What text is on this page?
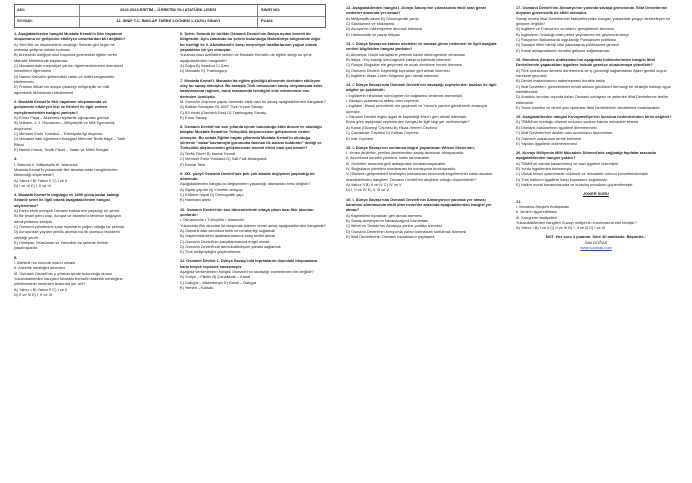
ADI:
SOYADI:
2022-2023 EĞİTİM – ÖĞRETİM YILI ATATÜRK LİSESİ
12. SINIF T.C. İNKILAP TARİHİ 1.DÖNEM 1.YAZILI SINAVI
SINIFI NO:
PUAN:
1. Aşağıdakilerden hangisi Mustafa Kemal'in fikir hayatının oluşumunu ve gelişimini etkileyen unsurlardan biri değildir?
A) Yeni fikir ve düşüncelerle oluştuğu Selanik gibi özgür bir ortamda yetişme imkânı bulması
B) Annesinin isteğiyle okul hayatına geleneksel eğitim veren Mahalle Mektebinde başlaması
C) Manastır'daki meşrutiyet yanlısı öğretmenlerinden memleket meseleleri öğrenmesi
D) Namık Kemal'in şiirlerindeki vatan ve millet sevgisinden etkilenmesi
E) Fransız İhtilali'nin ortaya çıkardığı milliyetçilik ve milli egemenlik fikirlerinden etkilenmesi
2. Mustafa Kemal'in fikir hayatının oluşmasında ve gelişiminin etkileyen kişi ve fikirleri ile ilgili verilen eşleştirmelerden hangisi yanlıştır?
A) Enver Paşa – Askerlerin siyasetle uğraşması görüşü
B) Voltaire, J. J. Rousseau – Milliyetçilik ve Milli Egemenlik düşüncesi
C) Mehmet Emin Yurdakul – Edebiyata ilgi duyması
D) Manastır'daki öğretmeni Kolağası Mehmet Tevfik Bilge – Tarih Bilinci
E) Namık Kemal, Tevfik Fikret – Vatan ve Millet Sevgisi
3.
I. Batıcılık II. Milliyetçilik III. İslamcılık
Mustafa Kemal'in yukarıdaki fikir akımlarından hangilerinden etkilendiği söylenebilir?
A) Yalnız I B) Yalnız II C) I ve II
D) I ve III E) I, II ve III
4. Mustafa Kemal'in doğduğu ve 1896 yılına kadar kaldığı Selanik şehri ile ilgili olarak aşağıdakilerden hangisi söylenemez?
A) Farklı etnik menşeli Osmanlı halklarının yaşadığı bir yerdir.
B) Bir liman şehri olup, Avrupa ve İstanbul'a birbirine bağlayan demiryollarına sahiptir.
C) Osmanlı yönetimine karşı isyanların yoğun olduğu bir şehirdir.
D) Avrupa'dan yayılan yenilik akımlarına ilk olumsuz tepkilerin verildiği yerdir.
E) Hristiyan, Müslüman ve Yahudiler bu şehirde birlikte yaşamışlardır.
5.
I. Ailesinin bu konuda ısrarcı olması
II. Askerlik mesleğini sevmesi
III. Osmanlı Devleti'nin o yıllarda içinde bulunduğu durum
Yukarıdakilerden hangileri Mustafa Kemal'in askerlik mesleğine yönelmesinin nedenleri arasında yer alır?
A) Yalnız I B) Yalnız II C) I ve II
D) II ve III E) I, II ve III
6. Şehir; Selanik ile birlikte Osmanlı Devleti'nin Batıya açılan önemli bir bölgesidir. Aynı zamanda bu şehrin bulunduğu Makedonya bölgesinde diğer bir özelliği ile il. Abdülhamit'e karşı meşrutiyet taraftarlarının yoğun olarak yaşadıkları bir yer olmuştur.
Yukarıda bazı özellikleri verilen ve Mustafa Kemal'in de eğitim aldığı bu şehir aşağıdakilerden hangisidir?
A) Sofya B) İstanbul C) Şam
D) Manastır E) Trablusgarp
7. Mustafa Kemal'i, Manastır'da eğitim gördüğü dönemde derinden etkileyen olay bu savaş olmuştur. Bu savaşta Türk ordusunun savaş meydanında zafer kazanmasına rağmen, barış masasında istediğini elde edememesi onu derinden üzmüştür.
M. Kemal'in düşünce yapısı üzerinde etkili olan bu savaş aşağıdakilerden hangisidir?
A) Balkan Savaşları B) 1897 Türk-Yunan Savaşı
C) 93 Harbi (Osmanlı-Rus) D) Trablusgarp Savaşı
E) Kırım Savaşı
8. Osmanlı Devleti'nin son yıllarda içinde bulunduğu kötü durum ve okuduğu kitaplar Mustafa Kemal'de Türkçülük düşüncesinin gelişmesine neden olmuştur. Bu sırada Eğitim hayatı yıllarında Mustafa Kemal'in okuduğu şiirlerde "vatan"kavramıyla gurunuma tanınan ilk anlamı bulduran" dediği ve Türkçülük düşüncesinin gelişmesinde önemli etkisi olan şair kimdir?
A) Tevfik Fikret B) Namık Kemal
C) Mehmet Emin Yurdakul D) Sait Faik Abasıyanık
E) Kemal Tahir
9. XIX. yüzyıl Osmanlı Devleti'nde pek çok alanda değişimin yaşandığı bir dönemdir.
Aşağıdakilerden hangisi bu değişimlerin yaşandığı alanlardan birisi değildir?
A) Siyasi yapılar B) Yönetim anlayışı
C) Kültürel hayat D) Demografik yapı
E) Hanedan ailesi
10. Osmanlı Devleti'nin son dönemlerinde ortaya çıkan bazı fikir akımları şunlardır:
• Osmanlıcılık • Türkçülük • İslamcılık
Yukarıdaki fikir akımları ile ulaşılmak istenen temel amaç aşağıdakilerden hangisidir?
A) Osmanlı'daki azınlıklar birlik ve beraberliği sağlamak
B) Gayrimüslimlerin ayaklanmalarına karşı tedbir almak
C) Osmanlı Devleti'nin parçalanmasına engel olmak
D) Osmanlı Devleti'nde demokratikleşme çabası sağlamak
E) Türk milliyetçiliğini güçlendirmek
11. Osmanlı Devleti 1. Dünya Savaşı'nda topraklarını dışındaki düşmanlara karşı birçok cephede savaşmıştır.
Aşağıda verilenlerden hangisi Osmanlı'nın savaştığı cephelerden biri değildir?
A) Suriye – Filistin B) Çanakkale – Kanal
C) Galiçya – Makedonya D) Kanal – Galiçya
E) Yemen – Kafkas
12. Aşağıdakilerden hangisi I. Dünya Savaşı'nın çıkmasında etkili olan genel nedenler arasında yer almaz?
A) Milliyetçilik akımı B) Sömürgecilik yarışı
C) Silahlanma ve bloklaşma
D) Avrupa'nın hâkimiyetine alınmak istemesi
E) Hammadde ve pazar ihtiyacı
13. I. Dünya Savaşı'na katılan devletler ve savaşa girme nedenleri ile ilgili aşağıda verilen bilgilerden hangisi yanlıştır?
A) Almanya: Güçlü sanayisine yetecek kadar sömürgesinin olmaması
B) İtalya: Geç kaldığı sömürgecilik yarışına katılmak istemesi
C) Rusya: Boğazlar ele geçirmek ve sıcak denizlere inmek istemesi
D) Osmanlı Devleti: Kaybettiği toprakları geri almak istemesi
E) İngiltere: Alsas-Loren bölgesini geri almak istemesi
14. I. Dünya Savaşı'nda Osmanlı Devleti'nin savaştığı cephelerden bazıları ile ilgili bilgiler şu şekildedir:
• İngilizlerin Hindistan sömürgeleri ile bağlantısı kesilmek istenmiştir.
• Savaşın uzamasına sebep olan cephedir.
• İngilizler, Musul petrollerini ele geçirmek ve Yavuz'a yardım göndermek amacıyla açmıştır.
• Osmanlı Devleti İngiliz işgali ile kaybettiği Mısır'ı geri almak istemiştir.
Buna göre aşağıdaki cephelerden hangisi ile ilgili bilgi yer verilmemiştir?
A) Kanal (Süveyş) Cephesi B) Hicaz-Yemen Cephesi
C) Çanakkale Cephesi D) Kafkas Cephesi
E) Irak Cephesi
15. I. Dünya Savaşı'nın sonlarına doğru yayımlanan Wilson İlkelerinin;
I. Yenen devletler, yenilen devletlerden savaş tazminatı almayacaktır.
II. Azınlıklara kendini yönetme hakkı tanınacaktır.
III. Devletler arasında gizli antlaşmalar imzalanmayacaktır.
IV. Boğazların yönetimi uluslararası bir komisyona bırakılacaktır.
V. Ülkelerin gelişmelerini kısıtlayan uluslararası ekonomik engellemeler kaldırılacaktır.
maddelerinden hangileri, Osmanlı Devleti'nin aleyhine olduğu düşünülebilir?
A) Yalnız II B) II ve IV C) IV ve V
D) I, II ve IV E) II, III ve V
16. I. Dünya Savaşı'nda Osmanlı Devleti'nin Almanya'nın yanında yer alması kararının alınmasında etkili olan nedenler arasında aşağıdakilerden hangisi yer almaz?
A) Kaybedilen toprakları geri almak istemesi
B) Savaş Almanya'nın kazanacağına inanılması
C) İttihat ve Terakki'nin Almanya yanlısı politika izlemesi
D) Osmanlı Devleti'nin Avrupa'da yalnız kalmaktan kurtulmak istemesi
E) İtilaf Devletlerinin Osmanlı topraklarını paylaşma
17. Osmanlı Devleti'nin Almanya'nın yanında savaşa girmesinde, İtilaf Devletlerine duyulan güvensizlik de etkili olmuştur.
Savaş öncesi İtilaf Devletlerinin faaliyetlerinden hangisi, yukarıdaki yargıyı destekleyen bir gelişme değildir?
A) İngiltere ve Fransa'nın sınırlarını genişletmek istemesi
B) İngilizlerin Ortadoğu'daki petrol yayınlarına ele geçirmesi istegi
C) Rusya'nın Balkanlarda uyguladığı Panslavizm politikası
D) Savaşın fiilen bitmiş olan yakınlaşma politikasına girmesi
E) Kanal anlaşmalarının kendini gelişme sağlamaması
18. Mondros Ateşkes Antlaşması'nın aşağıdaki hükümlerinden hangisi İtilaf Devletlerinin yapacakları işgallere hukuki gerekçe oluşturmaya yöneliktir?
A) Türk ordusunun serbest deneremesi ve iç güvenliği sağlamaktan ilişkin gerekli suyun harekete geçmesi
B) Devlet makamlarının haberleşmesi durakla bekle
C) İtilaf Devletleri, güvenliklerini tehdit altında gördükleri herhangi bir stratejik noktayı işgal edebilecektir
D) Anadolu sınırları dışında kalan Osmanlı subayları ve askerleri İtilaf Devletlerine teslim edilecektir
E) Toros tünelleri ve demir yolu işletmesi İtilaf Devletlerinin denetimine bırakılacaktır
19. Aşağıdakilerden hangisi Kuvayımilliye'nin kurulma nedenlerinden birisi değildir?
A) TBMM'nin kurduğu düzenli ordunun sadece batıda mücadele etmesi
B) Osmanlı hükümetinin işgallere direnmemesi
C) İtilaf Devletlerinin destek olan azınlıkların taşkınlıkları
D) Osmanlı ordusunun terhis edilmesi
E) Yapılan işgallerin önlenememesi
20. Kuvayı Milliyenin Milli Mücadele Dönemi'nde sağladığı faydalar arasında aşağıdakilerden hangisi yoktur?
A) TBMM'ye zaman kazandırmış ve bazı işgalleri önlemiştir.
B) Yurdu işgallerden kurtarmıştır.
C) Ulusal bilinci uyandırarak hükümet ve mücadele ruhunu kuvvetlendirmiştir.
D) Türk halkının işgallere karşı koymasını sağlamıştır.
E) Halkın moral kazanmasında ve kurtuluş umudunu güçlendirmiştir.
JOKER SORU
21.
I. Mondros Ateşkes Antlaşması
II. İzmir'in işgal edilmesi
III. Kongreler faaliyetleri
Yukarıdakilerden hangileri Kuvayı milliye'nin kurulmasına etki etmiştir?
A) Yalnız I B) I ve II C) II ve III D) I, II ve III E) I ve III
NOT: Her soru 4 puandır. Süre 40 dakikadır. Başarılar...
Zeki DOĞAN
www.sorubak.com
